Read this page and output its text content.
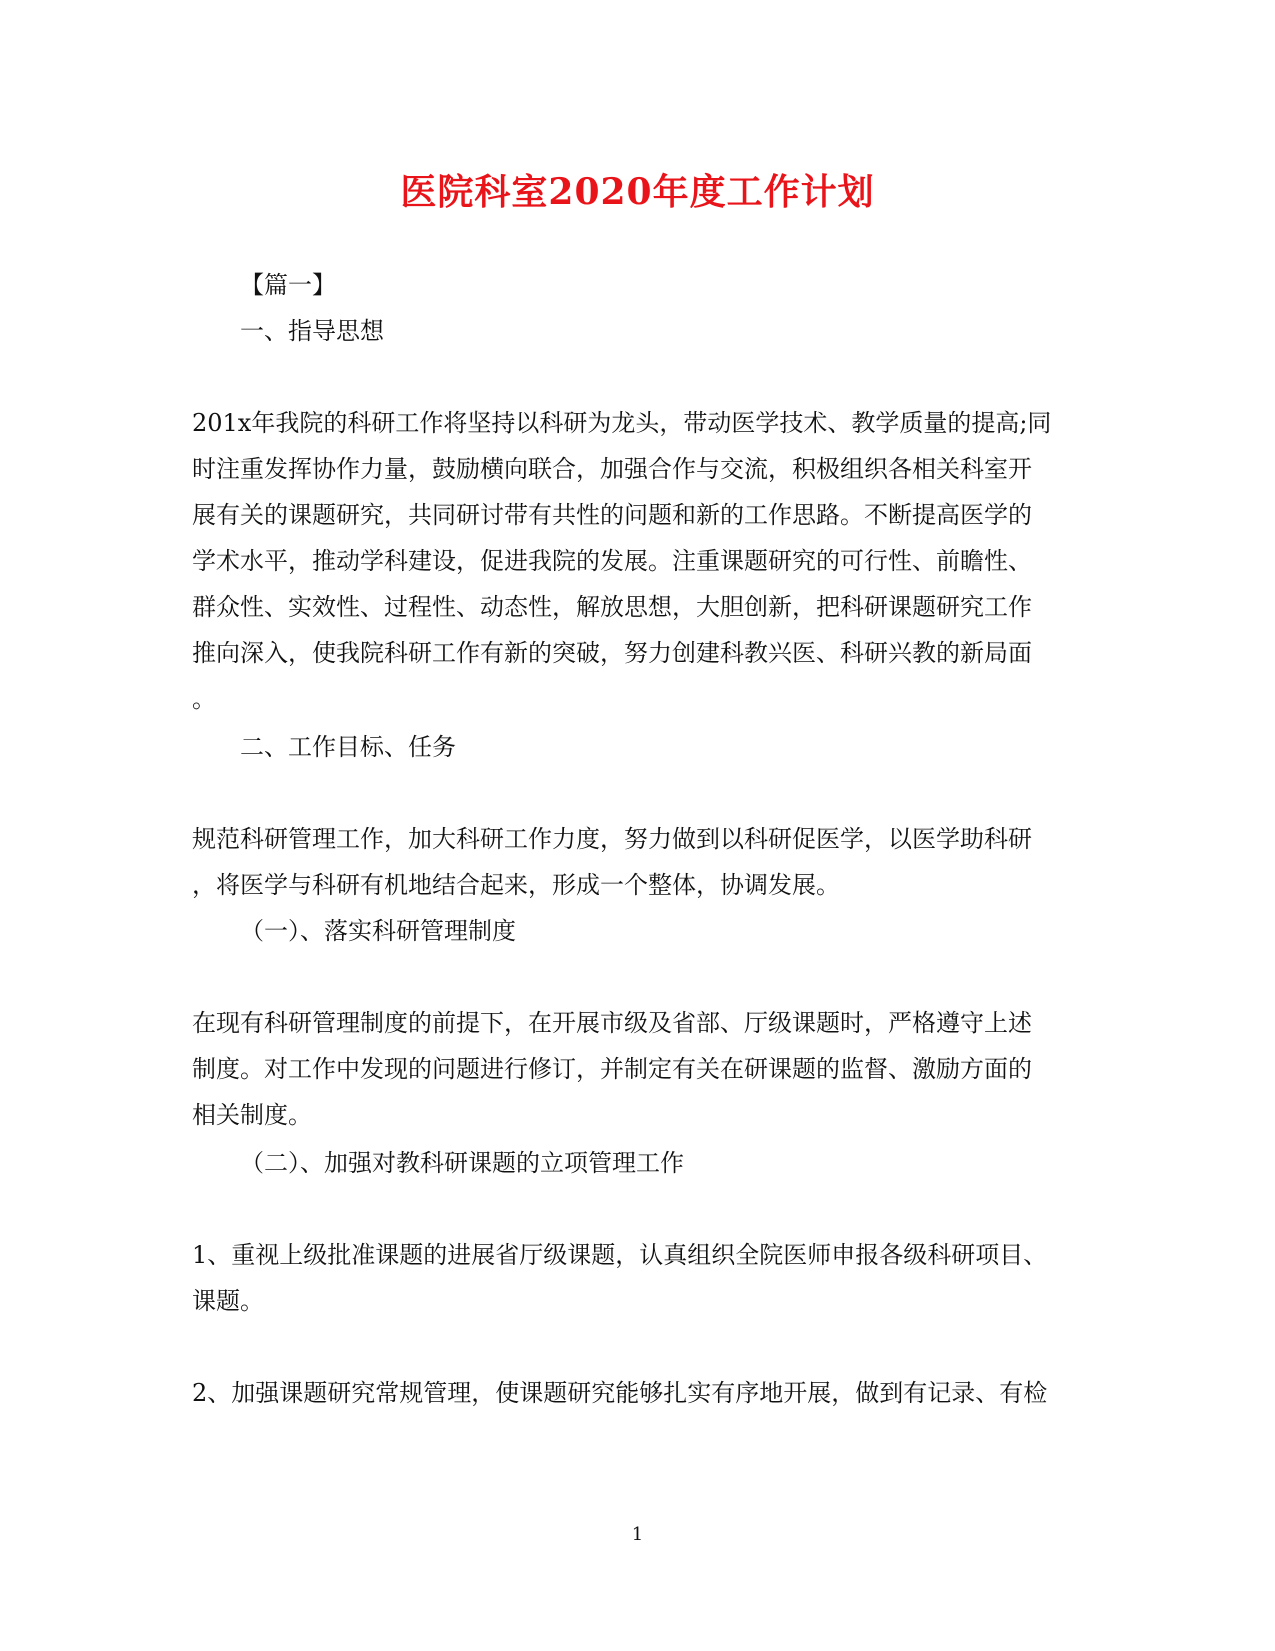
医院科室2020年度工作计划
【篇一】
一、指导思想
201x年我院的科研工作将坚持以科研为龙头，带动医学技术、教学质量的提高;同
时注重发挥协作力量，鼓励横向联合，加强合作与交流，积极组织各相关科室开
展有关的课题研究，共同研讨带有共性的问题和新的工作思路。不断提高医学的
学术水平，推动学科建设，促进我院的发展。注重课题研究的可行性、前瞻性、
群众性、实效性、过程性、动态性，解放思想，大胆创新，把科研课题研究工作
推向深入，使我院科研工作有新的突破，努力创建科教兴医、科研兴教的新局面
。
二、工作目标、任务
规范科研管理工作，加大科研工作力度，努力做到以科研促医学，以医学助科研
，将医学与科研有机地结合起来，形成一个整体，协调发展。
（一）、落实科研管理制度
在现有科研管理制度的前提下，在开展市级及省部、厅级课题时，严格遵守上述
制度。对工作中发现的问题进行修订，并制定有关在研课题的监督、激励方面的
相关制度。
（二）、加强对教科研课题的立项管理工作
1、重视上级批准课题的进展省厅级课题，认真组织全院医师申报各级科研项目、
课题。
2、加强课题研究常规管理，使课题研究能够扎实有序地开展，做到有记录、有检
1
